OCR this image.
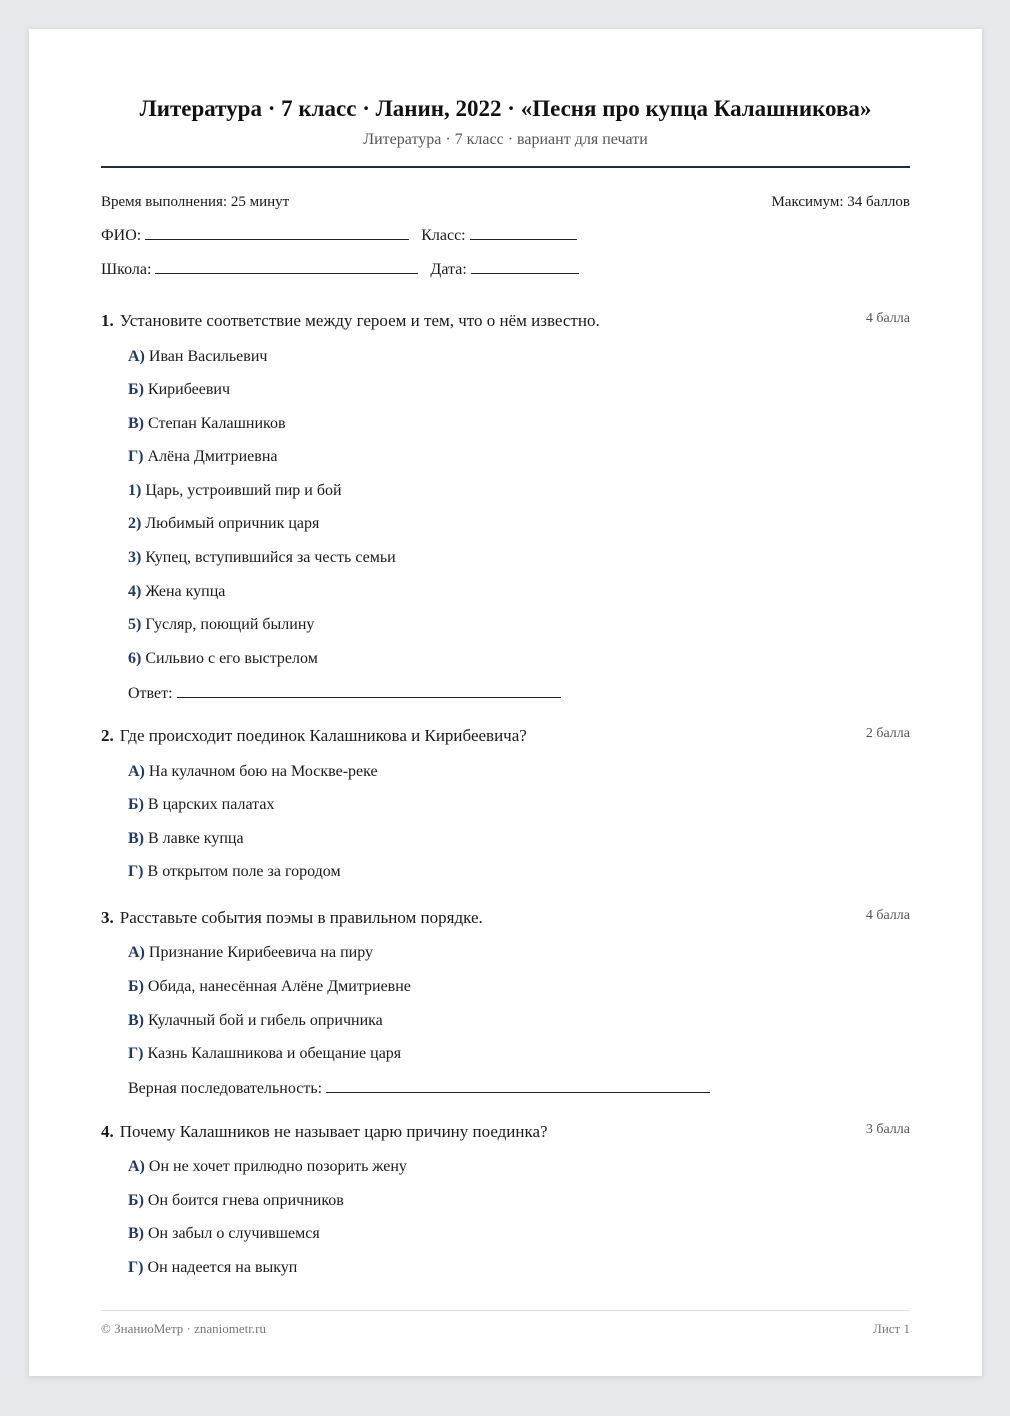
Литература · 7 класс · Ланин, 2022 · «Песня про купца Калашникова»
Литература · 7 класс · вариант для печати
Время выполнения: 25 минут	Максимум: 34 баллов
ФИО:	Класс:
Школа:	Дата:
1. Установите соответствие между героем и тем, что о нём известно.	4 балла
А) Иван Васильевич
Б) Кирибеевич
В) Степан Калашников
Г) Алёна Дмитриевна
1) Царь, устроивший пир и бой
2) Любимый опричник царя
3) Купец, вступившийся за честь семьи
4) Жена купца
5) Гусляр, поющий былину
6) Сильвио с его выстрелом
Ответ:
2. Где происходит поединок Калашникова и Кирибеевича?	2 балла
А) На кулачном бою на Москве-реке
Б) В царских палатах
В) В лавке купца
Г) В открытом поле за городом
3. Расставьте события поэмы в правильном порядке.	4 балла
А) Признание Кирибеевича на пиру
Б) Обида, нанесённая Алёне Дмитриевне
В) Кулачный бой и гибель опричника
Г) Казнь Калашникова и обещание царя
Верная последовательность:
4. Почему Калашников не называет царю причину поединка?	3 балла
А) Он не хочет прилюдно позорить жену
Б) Он боится гнева опричников
В) Он забыл о случившемся
Г) Он надеется на выкуп
© ЗнаниоМетр · znaniometr.ru	Лист 1
